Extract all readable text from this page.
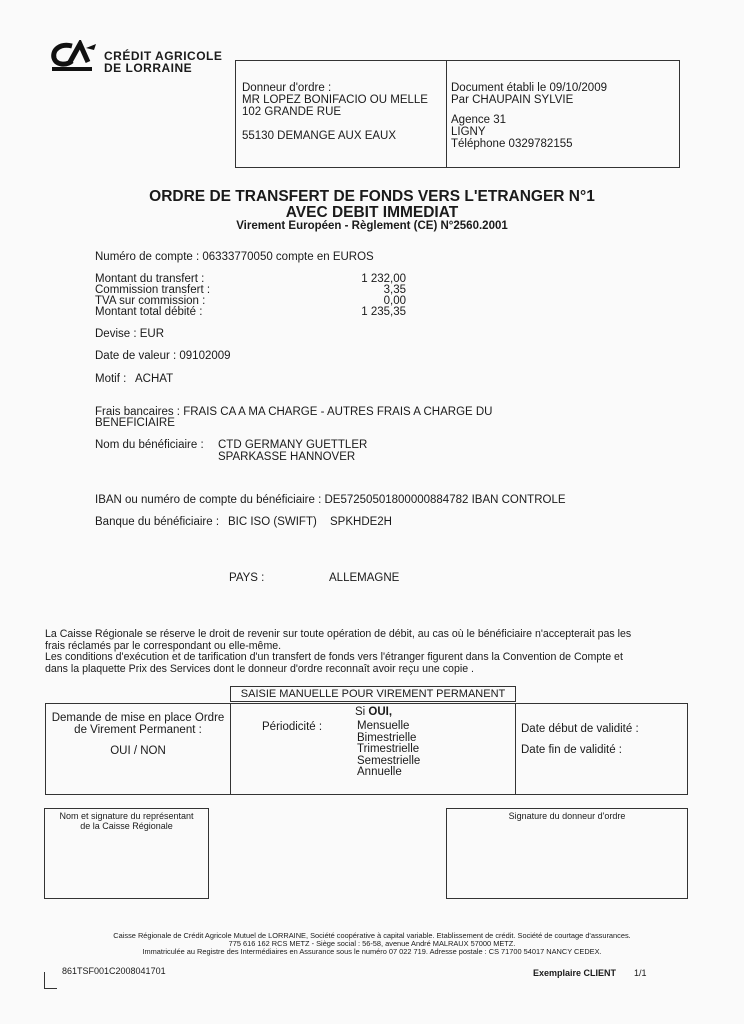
CRÉDIT AGRICOLE
DE LORRAINE
Donneur d'ordre :
MR LOPEZ BONIFACIO OU MELLE
102 GRANDE RUE
55130 DEMANGE AUX EAUX
Document établi le 09/10/2009
Par CHAUPAIN SYLVIE
Agence 31
LIGNY
Téléphone 0329782155
ORDRE DE TRANSFERT DE FONDS VERS L'ETRANGER N°1
AVEC DEBIT IMMEDIAT
Virement Européen - Règlement (CE) N°2560.2001
Numéro de compte : 06333770050 compte en EUROS
Montant du transfert :	1 232,00
Commission transfert :	3,35
TVA sur commission :	0,00
Montant total débité :	1 235,35
Devise : EUR
Date de valeur : 09102009
Motif : ACHAT
Frais bancaires : FRAIS CA A MA CHARGE - AUTRES FRAIS A CHARGE DU
BENEFICIAIRE
Nom du bénéficiaire : CTD GERMANY GUETTLER
SPARKASSE HANNOVER
IBAN ou numéro de compte du bénéficiaire : DE57250501800000884782 IBAN CONTROLE
Banque du bénéficiaire : BIC ISO (SWIFT) SPKHDE2H
PAYS :	ALLEMAGNE
La Caisse Régionale se réserve le droit de revenir sur toute opération de débit, au cas où le bénéficiaire n'accepterait pas les
frais réclamés par le correspondant ou elle-même.
Les conditions d'exécution et de tarification d'un transfert de fonds vers l'étranger figurent dans la Convention de Compte et
dans la plaquette Prix des Services dont le donneur d'ordre reconnaît avoir reçu une copie .
SAISIE MANUELLE POUR VIREMENT PERMANENT
Demande de mise en place Ordre
de Virement Permanent :
OUI / NON
Si OUI,
Périodicité :	Mensuelle
Bimestrielle
Trimestrielle
Semestrielle
Annuelle
Date début de validité :
Date fin de validité :
Nom et signature du représentant
de la Caisse Régionale
Signature du donneur d'ordre
Caisse Régionale de Crédit Agricole Mutuel de LORRAINE, Société coopérative à capital variable. Etablissement de crédit. Société de courtage d'assurances.
775 616 162 RCS METZ - Siège social : 56-58, avenue André MALRAUX 57000 METZ.
Immatriculée au Registre des Intermédiaires en Assurance sous le numéro 07 022 719. Adresse postale : CS 71700 54017 NANCY CEDEX.
861TSF001C2008041701	Exemplaire CLIENT 1/1
